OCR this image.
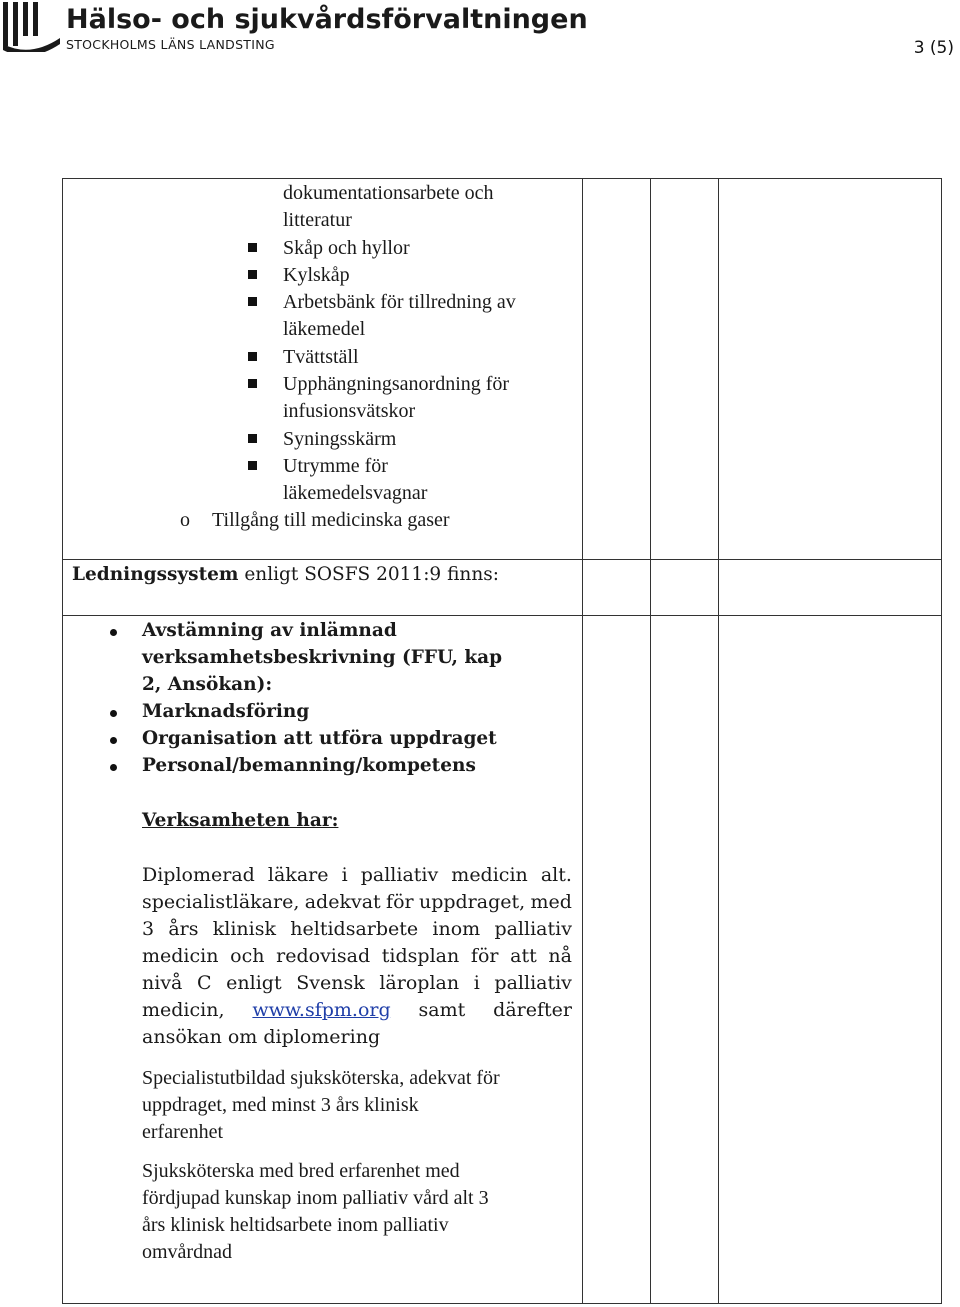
Hälso- och sjukvårdsförvaltningen
STOCKHOLMS LÄNS LANDSTING	3 (5)
dokumentationsarbete och
litteratur
Skåp och hyllor
Kylskåp
Arbetsbänk för tillredning av
läkemedel
Tvättställ
Upphängningsanordning för
infusionsvätskor
Syningsskärm
Utrymme för
läkemedelsvagnar
o Tillgång till medicinska gaser
Ledningssystem enligt SOSFS 2011:9 finns:
Avstämning av inlämnad
verksamhetsbeskrivning (FFU, kap
2, Ansökan):
Marknadsföring
Organisation att utföra uppdraget
Personal/bemanning/kompetens
Verksamheten har:
Diplomerad läkare i palliativ medicin alt.
specialistläkare, adekvat för uppdraget, med
3 års klinisk heltidsarbete inom palliativ
medicin och redovisad tidsplan för att nå
nivå C enligt Svensk läroplan i palliativ
medicin, www.sfpm.org samt därefter
ansökan om diplomering
Specialistutbildad sjuksköterska, adekvat för
uppdraget, med minst 3 års klinisk
erfarenhet
Sjuksköterska med bred erfarenhet med
fördjupad kunskap inom palliativ vård alt 3
års klinisk heltidsarbete inom palliativ
omvårdnad
